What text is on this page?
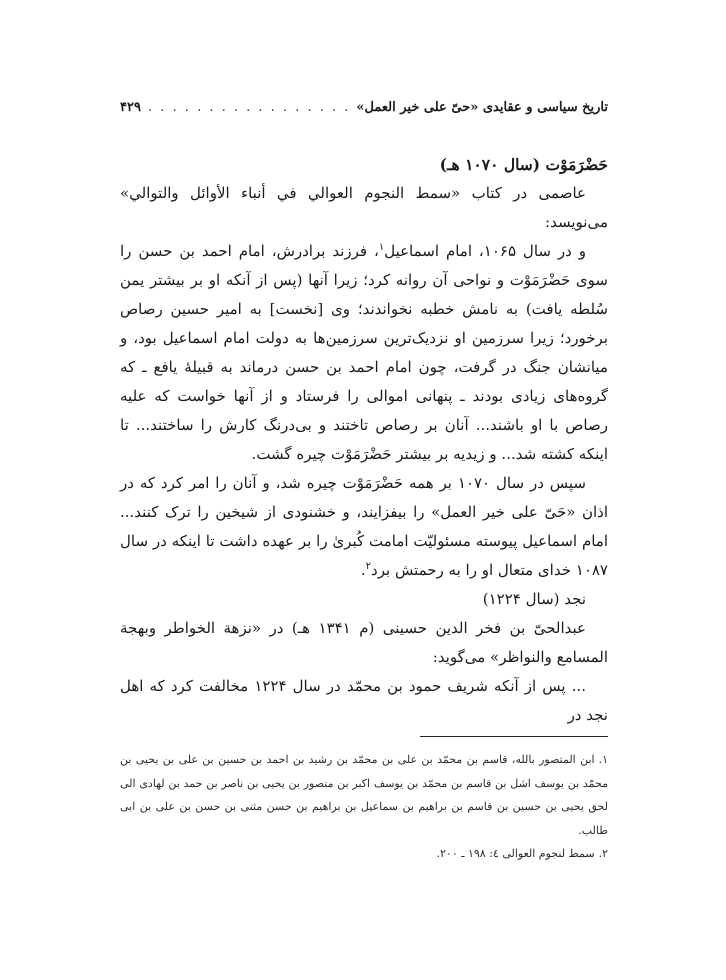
تاریخ سیاسی و عقایدی «حیّ علی خیر العمل»
. . .
۴۲۹

حَضْرَمَوْت (سال ۱۰۷۰ هـ)

عاصمی در کتاب «سمط النجوم العوالي في أنباء الأوائل والتوالي» می‌نویسد:

و در سال ۱۰۶۵، امام اسماعیل$^۱$، فرزند برادرش، امام احمد بن حسن را سوی حَضْرَمَوْت و نواحی آن روانه کرد؛ زیرا آنها (پس از آنکه او بر بیشتر یمن سُلطه یافت) به نامش خطبه نخواندند؛ وی [نخست] به امیر حسین رصاص برخورد؛ زیرا سرزمین او نزدیک‌ترین سرزمین‌ها به دولت امام اسماعیل بود، و میانشان جنگ در گرفت، چون امام احمد بن حسن درماند به قبیلهٔ یافع ـ که گروه‌های زیادی بودند ـ پنهانی اموالی را فرستاد و از آنها خواست که علیه رصاص با او باشند... آنان بر رصاص تاختند و بی‌درنگ کارش را ساختند... تا اینکه کشته شد... و زیدیه بر بیشتر حَضْرَمَوْت چیره گشت.

سپس در سال ۱۰۷۰ بر همه حَضْرَمَوْت چیره شد، و آنان را امر کرد که در اذان «حَیّ علی خیر العمل» را بیفزایند، و خشنودی از شیخین را ترک کنند... امام اسماعیل پیوسته مسئولیّت امامت کُبریٰ را بر عهده داشت تا اینکه در سال ۱۰۸۷ خدای متعال او را به رحمتش برد$^۲$.

نجد (سال ۱۲۲۴)

عبدالحیّ بن فخر الدین حسینی (م ۱۳۴۱ هـ) در «نزهة الخواطر وبهجة المسامع والنواظر» می‌گوید:

... پس از آنکه شریف حمود بن محمّد در سال ۱۲۲۴ مخالفت کرد که اهل نجد در

۱.ابن المتصور بالله، قاسم بن محمّد بن علی بن محمّد بن رشید بن احمد بن حسین بن علی بن یحیی بن محمّد بن یوسف اشل بن قاسم بن محمّد بن یوسف اکبر بن منصور بن یحیی بن ناصر بن حمد بن لهادی الی لحق یحیی بن حسین بن قاسم بن براهیم بن سماعیل بن براهیم بن حسن مثنی بن حسن بن علی بن ابی طالب.

۲.سمط لنجوم العوالی ٤: ١٩٨ ـ ٢٠٠.
